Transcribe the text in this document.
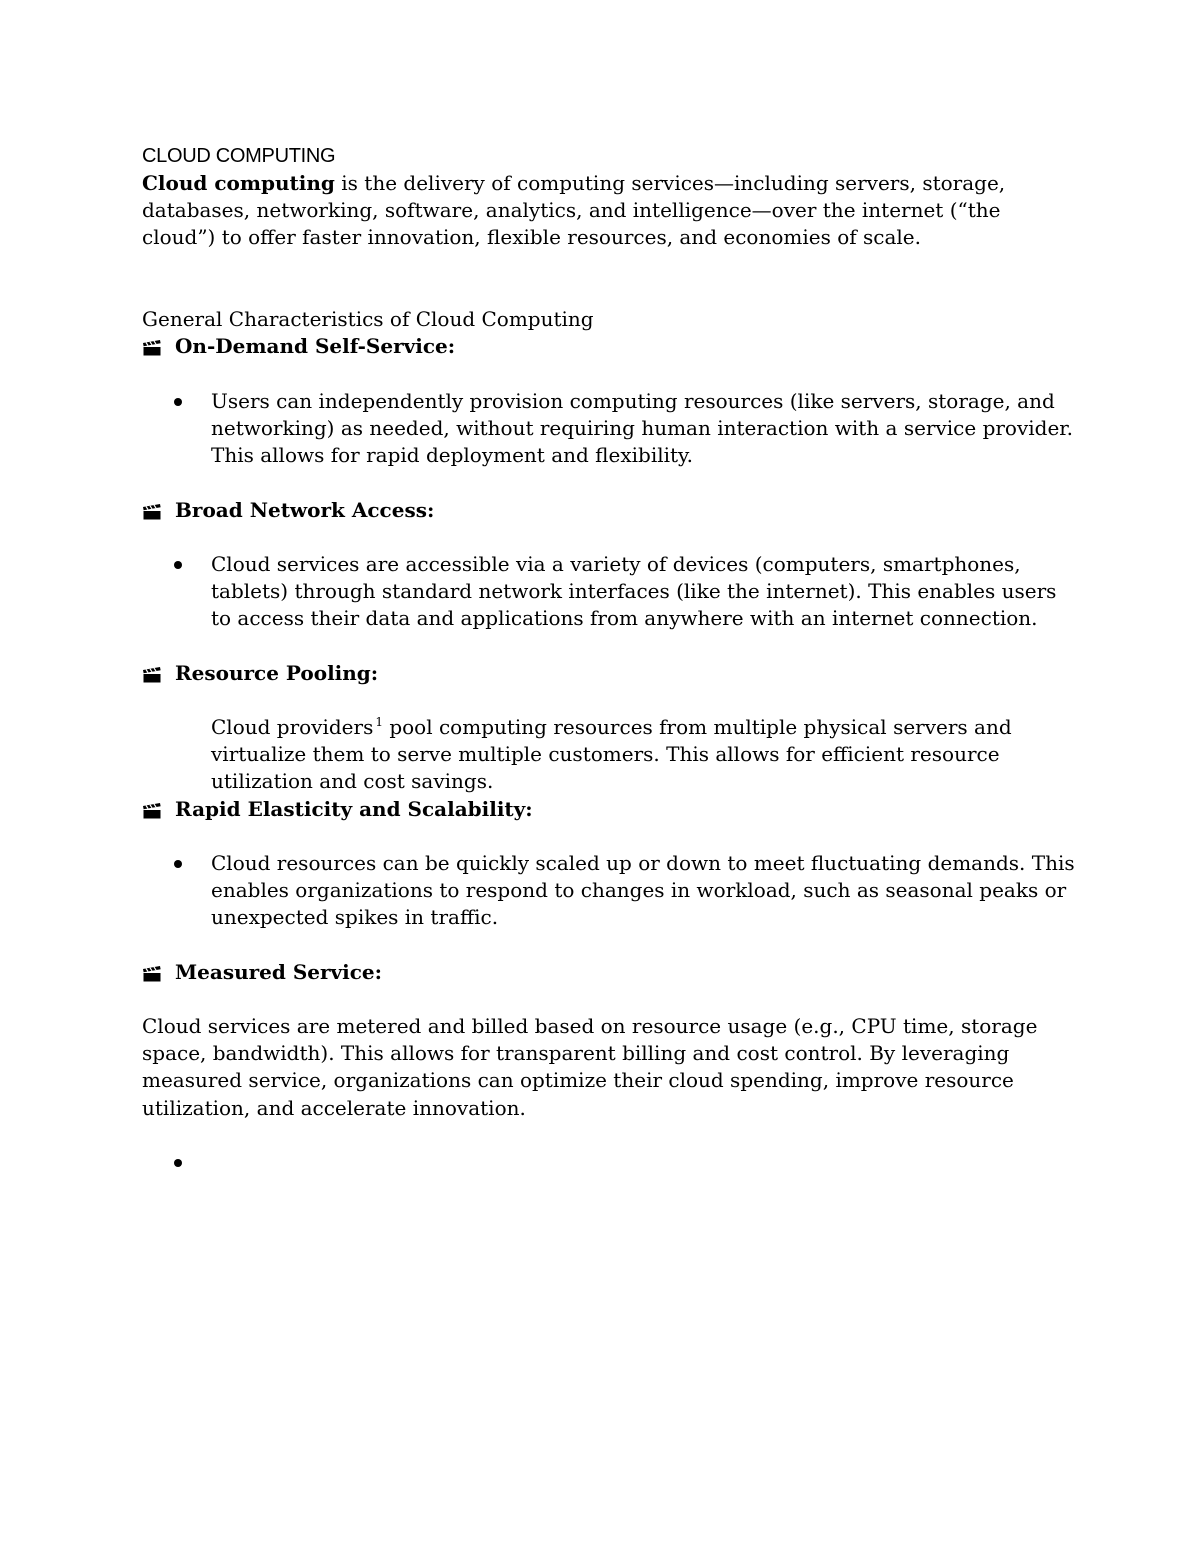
CLOUD COMPUTING

Cloud computing is the delivery of computing services—including servers, storage, databases, networking, software, analytics, and intelligence—over the internet (“the cloud”) to offer faster innovation, flexible resources, and economies of scale.

General Characteristics of Cloud Computing

On-Demand Self-Service:

Users can independently provision computing resources (like servers, storage, and networking) as needed, without requiring human interaction with a service provider. This allows for rapid deployment and flexibility.

Broad Network Access:

Cloud services are accessible via a variety of devices (computers, smartphones, tablets) through standard network interfaces (like the internet). This enables users to access their data and applications from anywhere with an internet connection.

Resource Pooling:

Cloud providers $^1$ pool computing resources from multiple physical servers and virtualize them to serve multiple customers. This allows for efficient resource utilization and cost savings.

Rapid Elasticity and Scalability:

Cloud resources can be quickly scaled up or down to meet fluctuating demands. This enables organizations to respond to changes in workload, such as seasonal peaks or unexpected spikes in traffic.

Measured Service:

Cloud services are metered and billed based on resource usage (e.g., CPU time, storage space, bandwidth). This allows for transparent billing and cost control. By leveraging measured service, organizations can optimize their cloud spending, improve resource utilization, and accelerate innovation.
